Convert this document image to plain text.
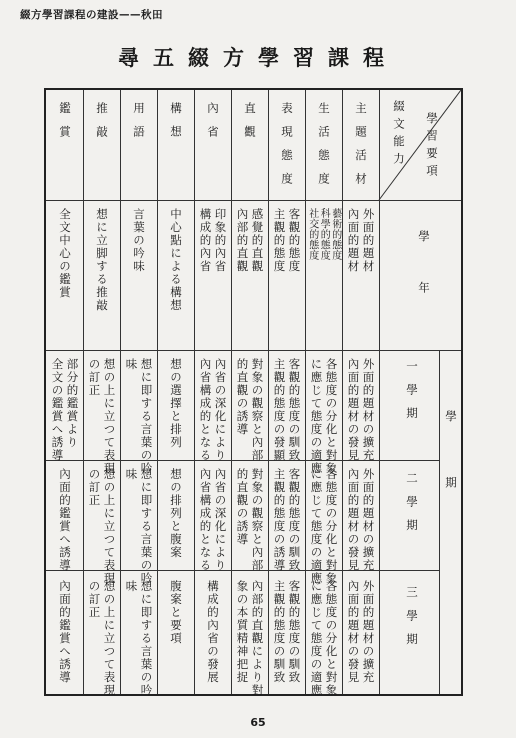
綴方學習課程の建設——秋田
尋五綴方學習課程
學習要項
綴文能力
學年
學期
一學期
二學期
三學期
主題活材
外面的題材
內面的題材
外面的題材の擴充
內面的題材の發見
外面的題材の擴充
內面的題材の發見
外面的題材の擴充
內面的題材の發見
生活態度
藝術的態度
科學的態度
社交的態度
各態度の分化と對象
に應じて態度の適應
各態度の分化と對象
に應じて態度の適應
各態度の分化と對象
に應じて態度の適應
表現態度
客觀的態度
主觀的態度
客觀的態度の馴致
主觀的態度の發顯
客觀的態度の馴致
主觀的態度の誘導
客觀的態度の馴致
主觀的態度の馴致
直觀
感覺的直觀
內部的直觀
對象の觀察と內部
的直觀の誘導
對象の觀察と內部
的直觀の誘導
內部的直觀により對
象の本質精神把捉
內省
印象的內省
構成的內省
內省の深化により
內省構成的となる
內省の深化により
內省構成的となる
構成的內省の發展
構想
中心點による構想
想の選擇と排列
想の排列と腹案
腹案と要項
用語
言葉の吟味
想に即する言葉の吟
味
想に即する言葉の吟
味
想に即する言葉の吟
味
推敲
想に立脚する推敲
想の上に立つて表現
の訂正
想の上に立つて表現
の訂正
想の上に立つて表現
の訂正
鑑賞
全文中心の鑑賞
部分的鑑賞より
全文の鑑賞へ誘導
內面的鑑賞へ誘導
內面的鑑賞へ誘導
65
